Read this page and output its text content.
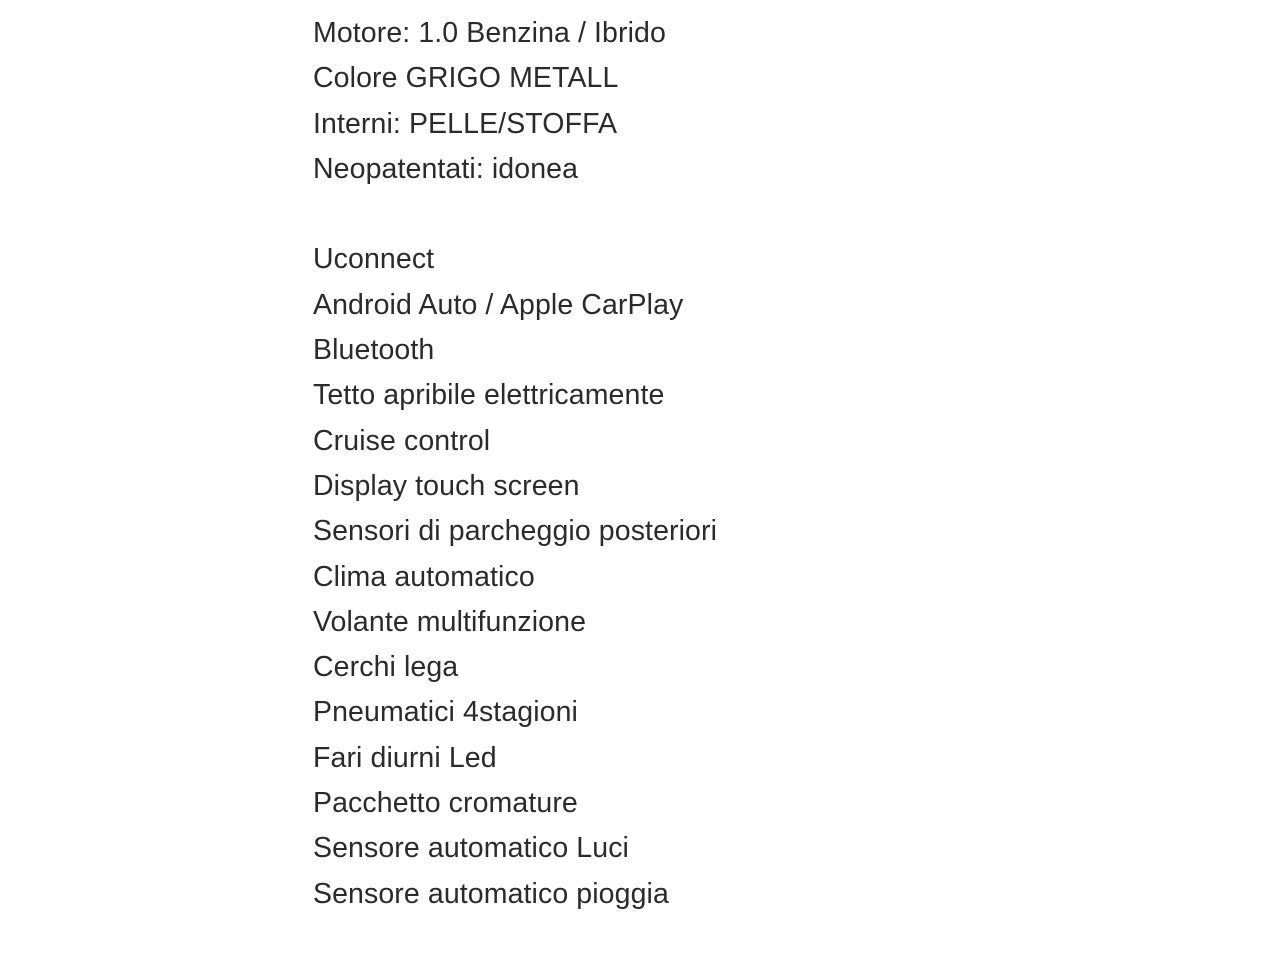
Motore: 1.0 Benzina / Ibrido
Colore GRIGO METALL
Interni: PELLE/STOFFA
Neopatentati: idonea
Uconnect
Android Auto / Apple CarPlay
Bluetooth
Tetto apribile elettricamente
Cruise control
Display touch screen
Sensori di parcheggio posteriori
Clima automatico
Volante multifunzione
Cerchi lega
Pneumatici 4stagioni
Fari diurni Led
Pacchetto cromature
Sensore automatico Luci
Sensore automatico pioggia
